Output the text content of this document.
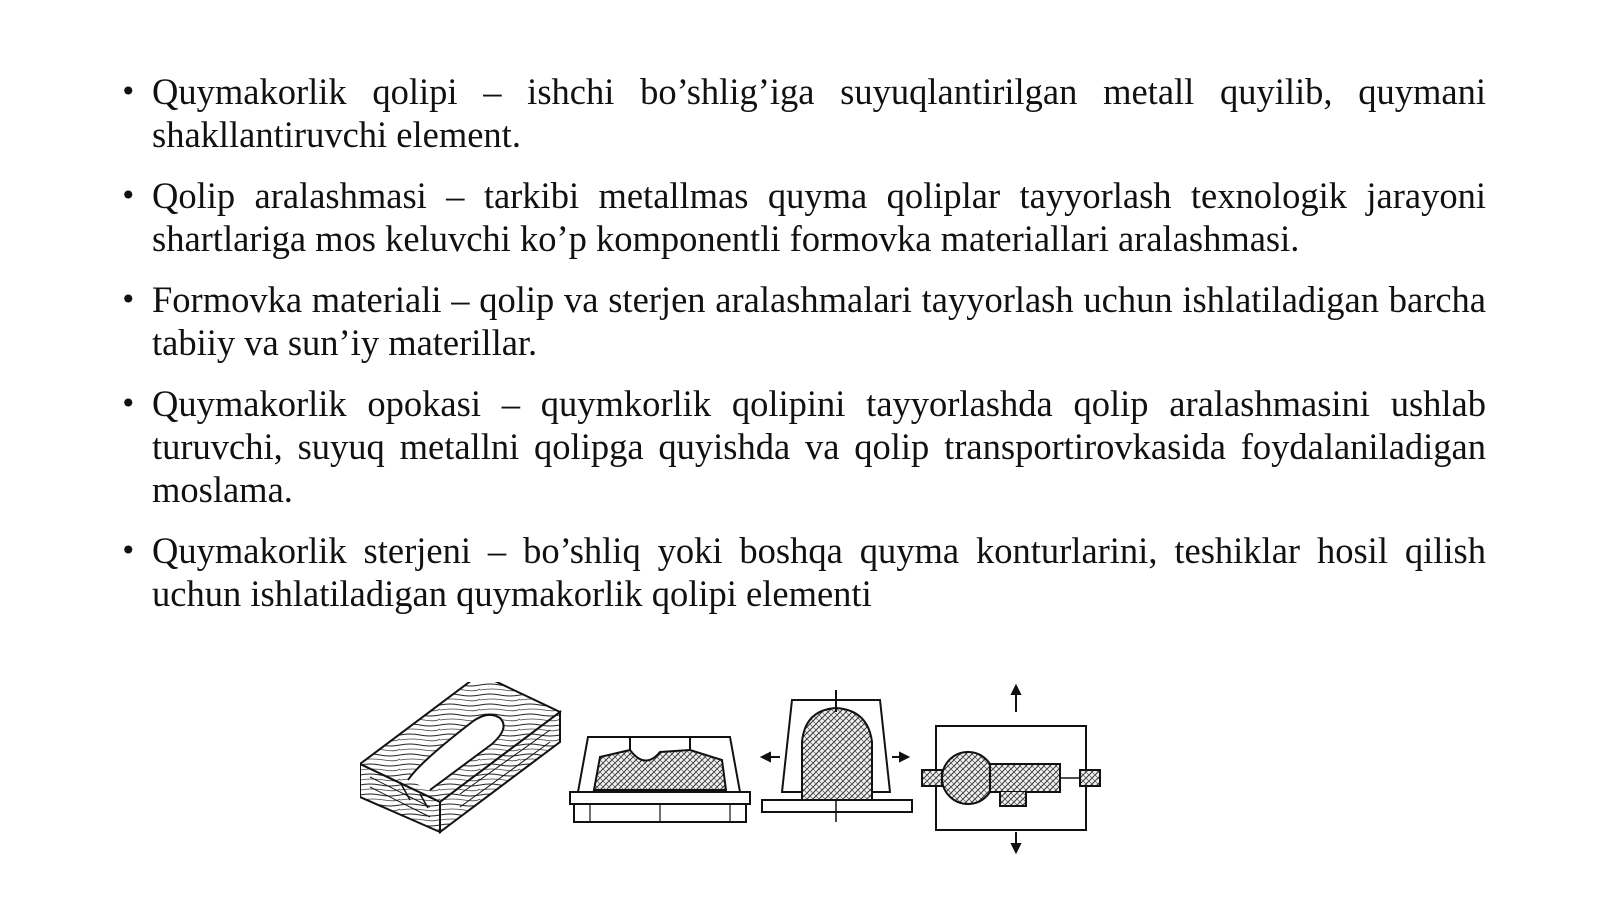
• Quymakorlik qolipi – ishchi bo’shlig’iga suyuqlantirilgan metall quyilib, quymani shakllantiruvchi element.
• Qolip aralashmasi – tarkibi metallmas quyma qoliplar tayyorlash texnologik jarayoni shartlariga mos keluvchi ko’p komponentli formovka materiallari aralashmasi.
• Formovka materiali – qolip va sterjen aralashmalari tayyorlash uchun ishlatiladigan barcha tabiiy va sun’iy materillar.
• Quymakorlik opokasi – quymkorlik qolipini tayyorlashda qolip aralashmasini ushlab turuvchi, suyuq metallni qolipga quyishda va qolip transportirovkasida foydalaniladigan moslama.
• Quymakorlik sterjeni – bo’shliq yoki boshqa quyma konturlarini, teshiklar hosil qilish uchun ishlatiladigan quymakorlik qolipi elementi
